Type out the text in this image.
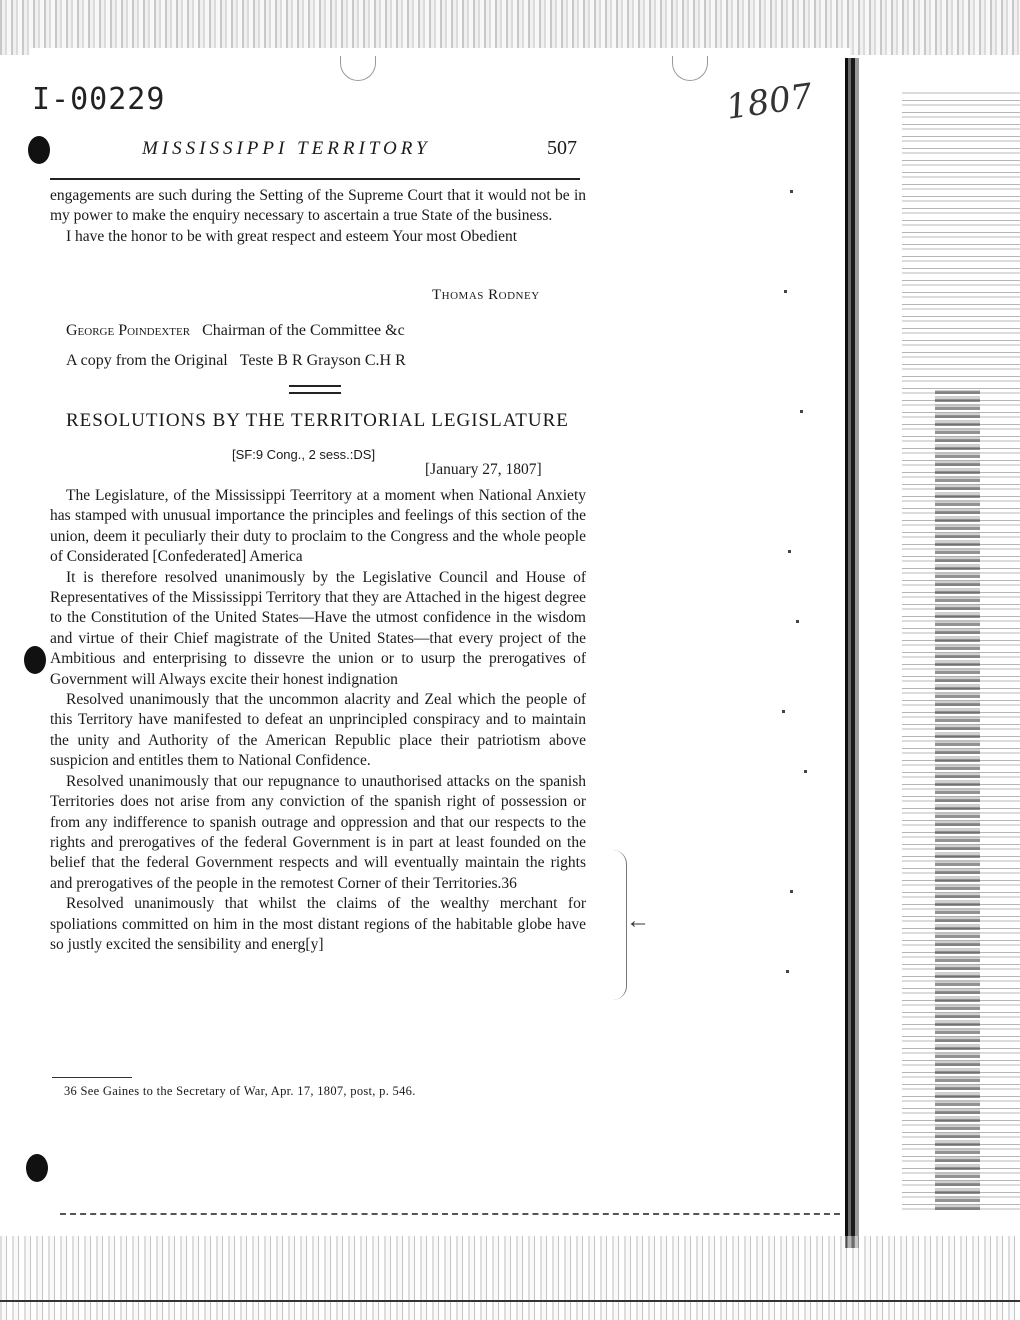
I-00229	1807
MISSISSIPPI TERRITORY	507

engagements are such during the Setting of the Supreme Court that it would not be in my power to make the enquiry necessary to ascertain a true State of the business.

I have the honor to be with great respect and esteem Your most Obedient

Thomas Rodney
George Poindexter Chairman of the Committee &c
A copy from the Original Teste B R Grayson C.H R
RESOLUTIONS BY THE TERRITORIAL LEGISLATURE
[SF:9 Cong., 2 sess.:DS]
[January 27, 1807]

The Legislature, of the Mississippi Teerritory at a moment when National Anxiety has stamped with unusual importance the principles and feelings of this section of the union, deem it peculiarly their duty to proclaim to the Congress and the whole people of Considerated [Confederated] America

It is therefore resolved unanimously by the Legislative Council and House of Representatives of the Mississippi Territory that they are Attached in the higest degree to the Constitution of the United States—Have the utmost confidence in the wisdom and virtue of their Chief magistrate of the United States—that every project of the Ambitious and enterprising to dissevre the union or to usurp the prerogatives of Government will Always excite their honest indignation

Resolved unanimously that the uncommon alacrity and Zeal which the people of this Territory have manifested to defeat an unprincipled conspiracy and to maintain the unity and Authority of the American Republic place their patriotism above suspicion and entitles them to National Confidence.

Resolved unanimously that our repugnance to unauthorised attacks on the spanish Territories does not arise from any conviction of the spanish right of possession or from any indifference to spanish outrage and oppression and that our respects to the rights and prerogatives of the federal Government is in part at least founded on the belief that the federal Government respects and will eventually maintain the rights and prerogatives of the people in the remotest Corner of their Territories.36

Resolved unanimously that whilst the claims of the wealthy merchant for spoliations committed on him in the most distant regions of the habitable globe have so justly excited the sensibility and energ[y]

←
36 See Gaines to the Secretary of War, Apr. 17, 1807, post, p. 546.
